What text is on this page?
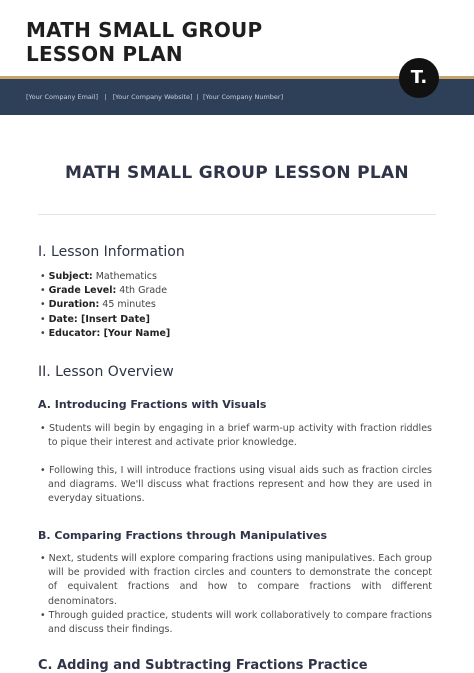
MATH SMALL GROUP
LESSON PLAN
[Your Company Email]   |   [Your Company Website]  |  [Your Company Number]
T.
MATH SMALL GROUP LESSON PLAN
I. Lesson Information
• Subject: Mathematics
• Grade Level: 4th Grade
• Duration: 45 minutes
• Date: [Insert Date]
• Educator: [Your Name]
II. Lesson Overview
A. Introducing Fractions with Visuals
• Students will begin by engaging in a brief warm-up activity with fraction riddles to pique their interest and activate prior knowledge.
• Following this, I will introduce fractions using visual aids such as fraction circles and diagrams. We'll discuss what fractions represent and how they are used in everyday situations.
B. Comparing Fractions through Manipulatives
• Next, students will explore comparing fractions using manipulatives. Each group will be provided with fraction circles and counters to demonstrate the concept of equivalent fractions and how to compare fractions with different denominators.
• Through guided practice, students will work collaboratively to compare fractions and discuss their findings.
C. Adding and Subtracting Fractions Practice
